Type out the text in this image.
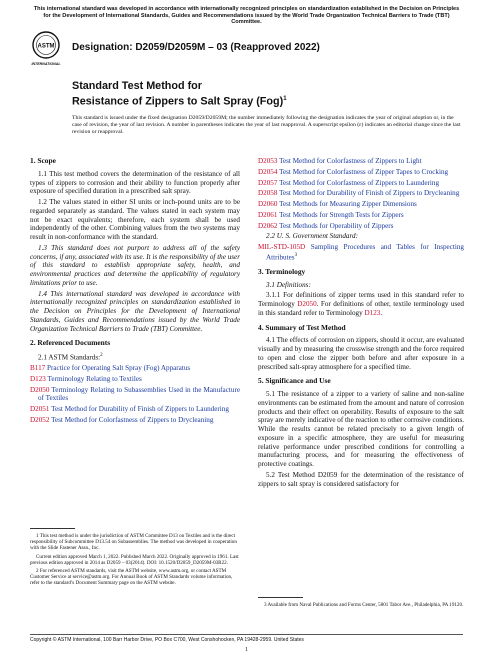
This international standard was developed in accordance with internationally recognized principles on standardization established in the Decision on Principles for the Development of International Standards, Guides and Recommendations issued by the World Trade Organization Technical Barriers to Trade (TBT) Committee.
ASTM
INTERNATIONAL
Designation: D2059/D2059M – 03 (Reapproved 2022)
Standard Test Method for
Resistance of Zippers to Salt Spray (Fog)$^1$
This standard is issued under the fixed designation D2059/D2059M; the number immediately following the designation indicates the year of original adoption or, in the case of revision, the year of last revision. A number in parentheses indicates the year of last reapproval. A superscript epsilon (ε) indicates an editorial change since the last revision or reapproval.
1. Scope

1.1 This test method covers the determination of the resistance of all types of zippers to corrosion and their ability to function properly after exposure of specified duration in a prescribed salt spray.

1.2 The values stated in either SI units or inch-pound units are to be regarded separately as standard. The values stated in each system may not be exact equivalents; therefore, each system shall be used independently of the other. Combining values from the two systems may result in non-conformance with the standard.

1.3 This standard does not purport to address all of the safety concerns, if any, associated with its use. It is the responsibility of the user of this standard to establish appropriate safety, health, and environmental practices and determine the applicability of regulatory limitations prior to use.

1.4 This international standard was developed in accordance with internationally recognized principles on standardization established in the Decision on Principles for the Development of International Standards, Guides and Recommendations issued by the World Trade Organization Technical Barriers to Trade (TBT) Committee.

2. Referenced Documents

2.1 ASTM Standards:$^2$

B117 Practice for Operating Salt Spray (Fog) Apparatus

D123 Terminology Relating to Textiles

D2050 Terminology Relating to Subassemblies Used in the Manufacture of Textiles

D2051 Test Method for Durability of Finish of Zippers to Laundering

D2052 Test Method for Colorfastness of Zippers to Drycleaning

D2053 Test Method for Colorfastness of Zippers to Light

D2054 Test Method for Colorfastness of Zipper Tapes to Crocking

D2057 Test Method for Colorfastness of Zippers to Laundering

D2058 Test Method for Durability of Finish of Zippers to Drycleaning

D2060 Test Methods for Measuring Zipper Dimensions

D2061 Test Methods for Strength Tests for Zippers

D2062 Test Methods for Operability of Zippers

2.2 U. S. Government Standard:

MIL-STD-105D Sampling Procedures and Tables for Inspecting Attributes$^3$

3. Terminology

3.1 Definitions:

3.1.1 For definitions of zipper terms used in this standard refer to Terminology D2050. For definitions of other, textile terminology used in this standard refer to Terminology D123.

4. Summary of Test Method

4.1 The effects of corrosion on zippers, should it occur, are evaluated visually and by measuring the crosswise strength and the force required to open and close the zipper both before and after exposure in a prescribed salt-spray atmosphere for a specified time.

5. Significance and Use

5.1 The resistance of a zipper to a variety of saline and non-saline environments can be estimated from the amount and nature of corrosion products and their effect on operability. Results of exposure to the salt spray are merely indicative of the reaction to other corrosive conditions. While the results cannot be related precisely to a given length of exposure in a specific atmosphere, they are useful for measuring relative performance under prescribed conditions for controlling a manufacturing process, and for measuring the effectiveness of protective coatings.

5.2 Test Method D2059 for the determination of the resistance of zippers to salt spray is considered satisfactory for

1 This test method is under the jurisdiction of ASTM Committee D13 on Textiles and is the direct responsibility of Subcommittee D13.54 on Subassemblies. The method was developed in cooperation with the Slide Fastener Assn., Inc.

Current edition approved March 1, 2022. Published March 2022. Originally approved in 1961. Last previous edition approved in 2014 as D2059 – 03(2014). DOI: 10.1520/D2059_D2059M-03R22.

2 For referenced ASTM standards, visit the ASTM website, www.astm.org, or contact ASTM Customer Service at service@astm.org. For Annual Book of ASTM Standards volume information, refer to the standard’s Document Summary page on the ASTM website.

3 Available from Naval Publications and Forms Center, 5801 Tabor Ave., Philadelphia, PA 19120.

Copyright © ASTM International, 100 Barr Harbor Drive, PO Box C700, West Conshohocken, PA 19428-2959. United States
1
